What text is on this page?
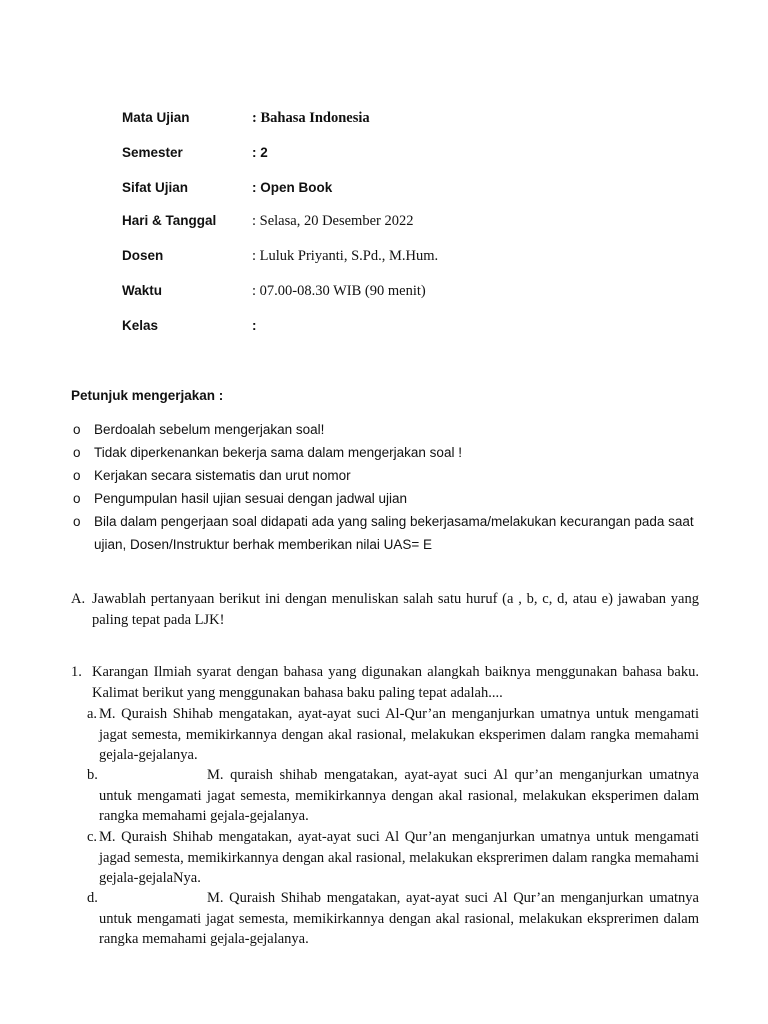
Mata Ujian	: Bahasa Indonesia
Semester	: 2
Sifat Ujian	: Open Book
Hari & Tanggal : Selasa, 20 Desember 2022
Dosen	: Luluk Priyanti, S.Pd., M.Hum.
Waktu	: 07.00-08.30 WIB (90 menit)
Kelas	:
Petunjuk mengerjakan :
o Berdoalah sebelum mengerjakan soal!
o Tidak diperkenankan bekerja sama dalam mengerjakan soal !
o Kerjakan secara sistematis dan urut nomor
o Pengumpulan hasil ujian sesuai dengan jadwal ujian
o Bila dalam pengerjaan soal didapati ada yang saling bekerjasama/melakukan kecurangan pada saat ujian, Dosen/Instruktur berhak memberikan nilai UAS= E
A. Jawablah pertanyaan berikut ini dengan menuliskan salah satu huruf (a , b, c, d, atau e) jawaban yang paling tepat pada LJK!
1. Karangan Ilmiah syarat dengan bahasa yang digunakan alangkah baiknya menggunakan bahasa baku. Kalimat berikut yang menggunakan bahasa baku paling tepat adalah....
a. M. Quraish Shihab mengatakan, ayat-ayat suci Al-Qur’an menganjurkan umatnya untuk mengamati jagat semesta, memikirkannya dengan akal rasional, melakukan eksperimen dalam rangka memahami gejala-gejalanya.
b.	M. quraish shihab mengatakan, ayat-ayat suci Al qur’an menganjurkan umatnya untuk mengamati jagat semesta, memikirkannya dengan akal rasional, melakukan eksperimen dalam rangka memahami gejala-gejalanya.
c. M. Quraish Shihab mengatakan, ayat-ayat suci Al Qur’an menganjurkan umatnya untuk mengamati jagad semesta, memikirkannya dengan akal rasional, melakukan eksprerimen dalam rangka memahami gejala-gejalaNya.
d.	M. Quraish Shihab mengatakan, ayat-ayat suci Al Qur’an menganjurkan umatnya untuk mengamati jagat semesta, memikirkannya dengan akal rasional, melakukan eksprerimen dalam rangka memahami gejala-gejalanya.
